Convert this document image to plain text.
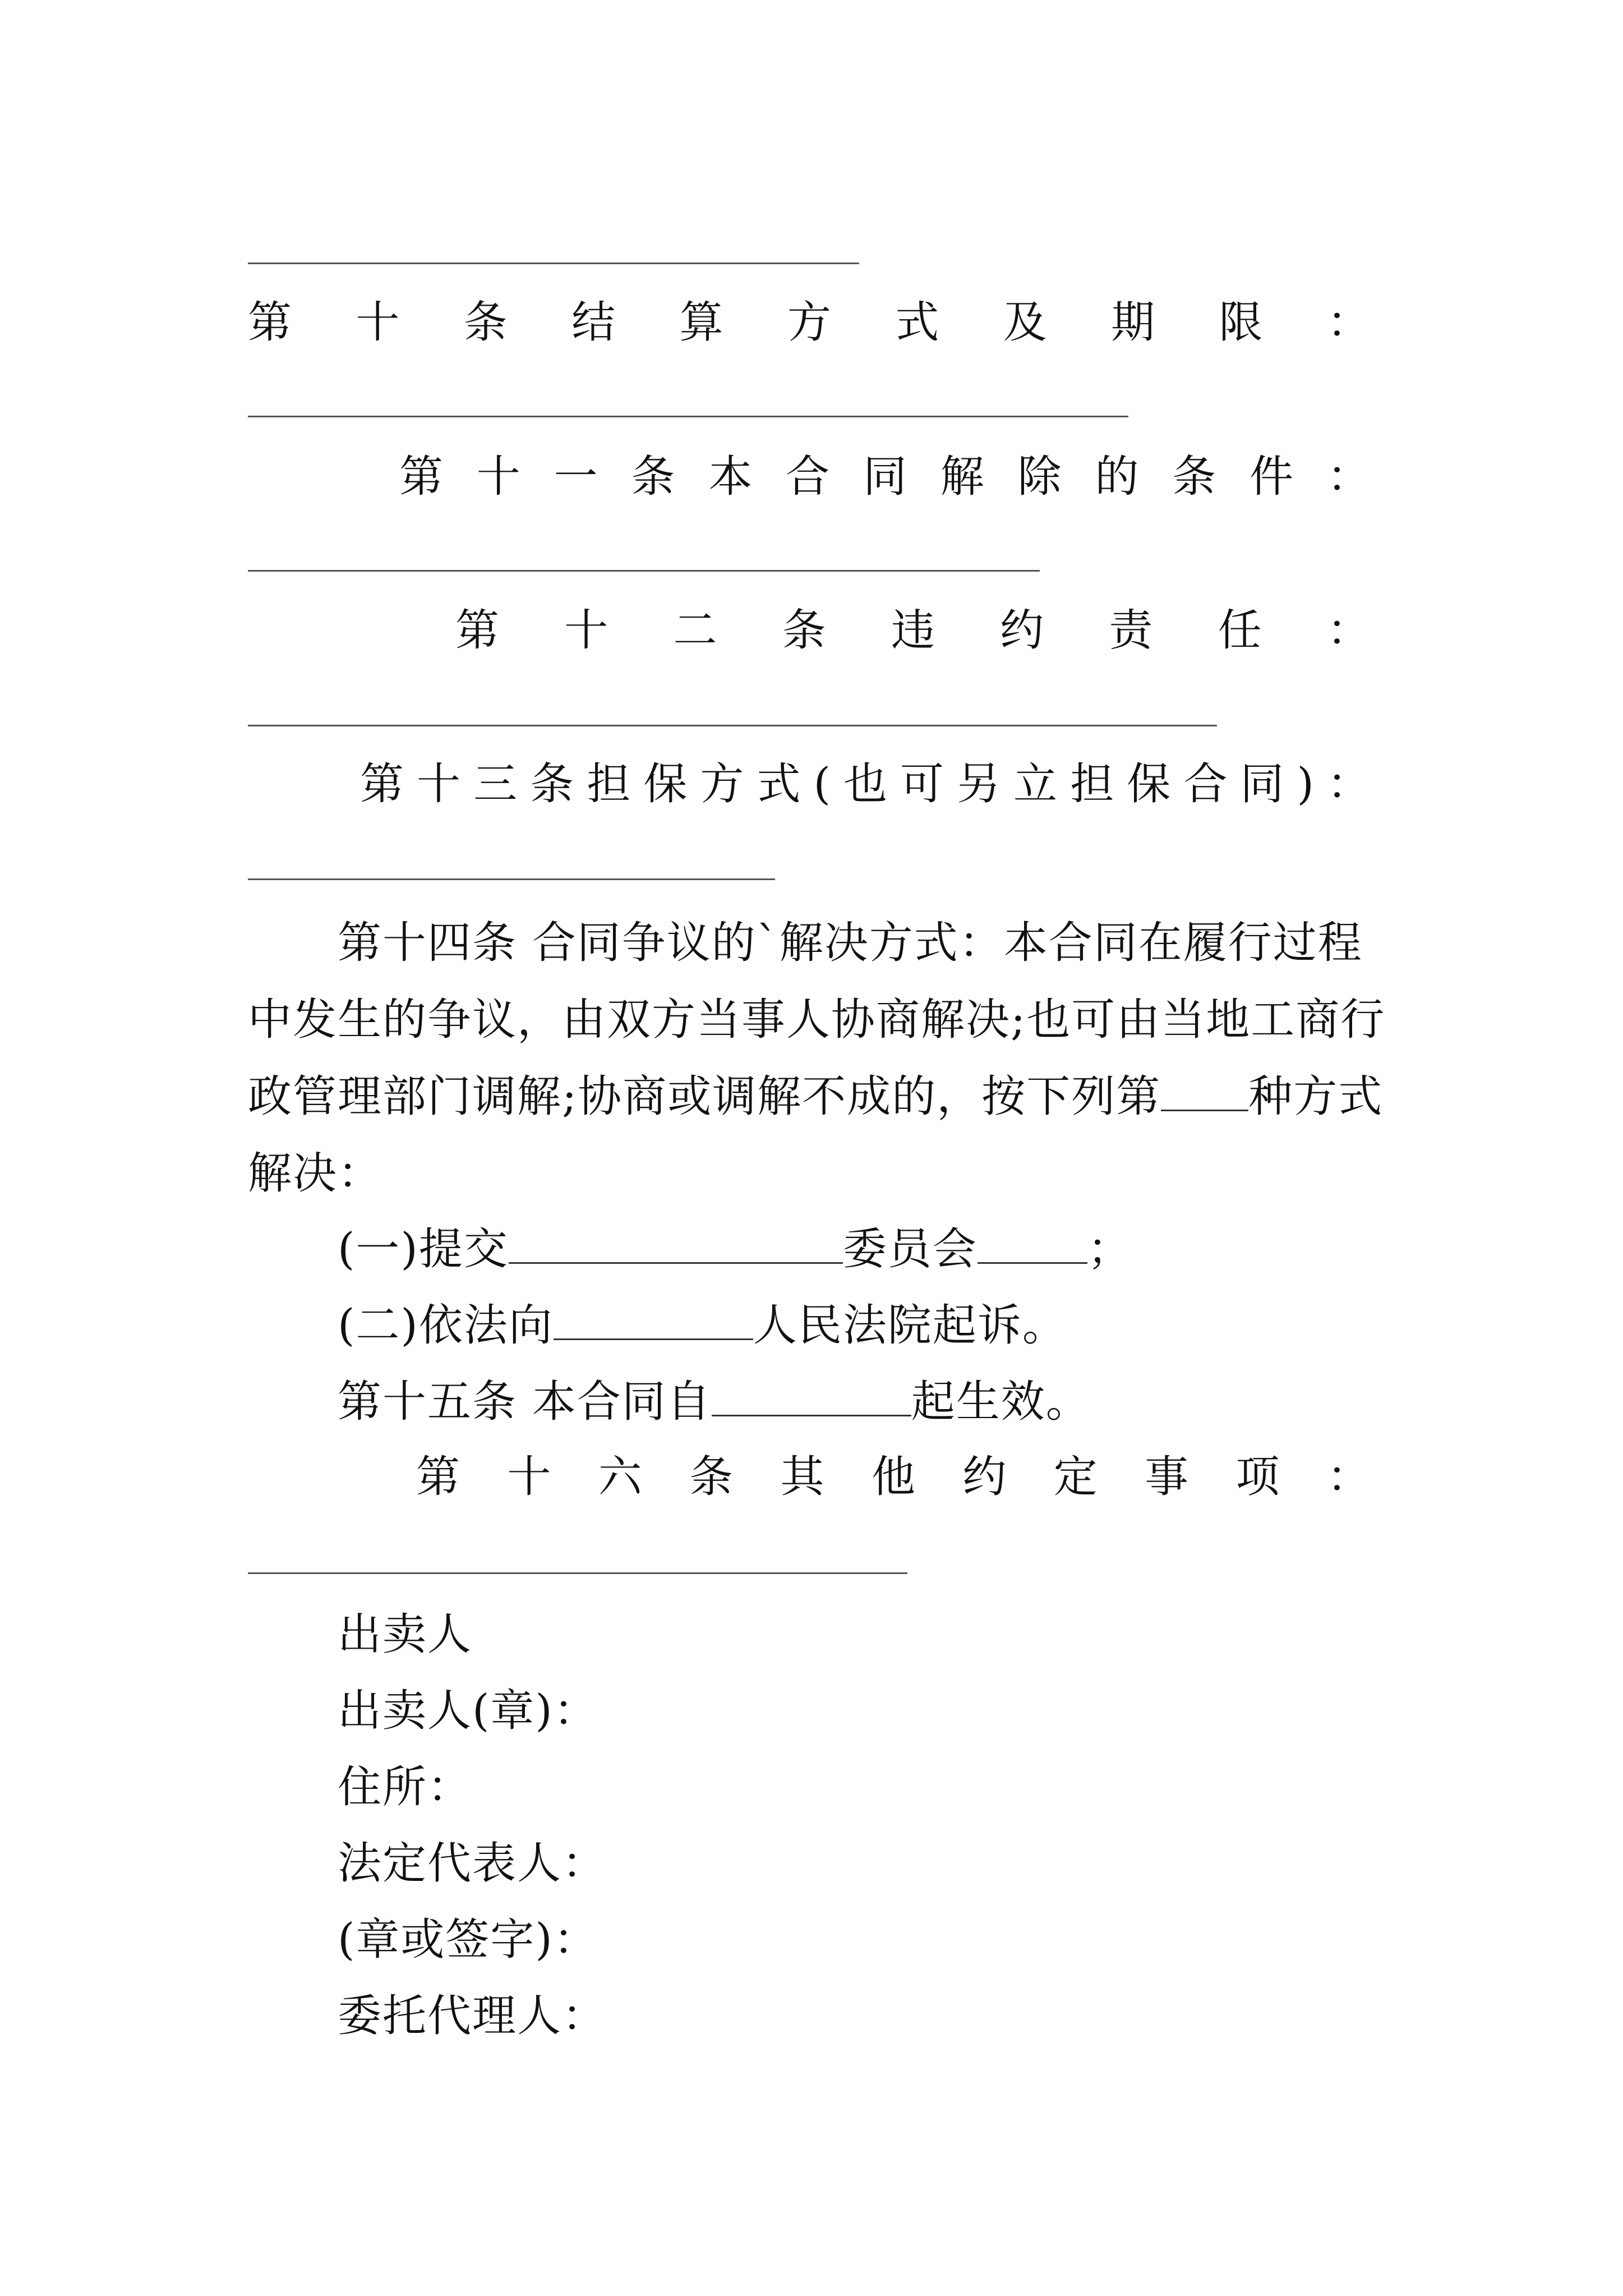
第 十 条 结 算 方 式 及 期 限 ：
第 十 一 条 本 合 同 解 除 的 条 件 ：
第 十 二 条 违 约 责 任 ：
第 十 三 条 担 保 方 式 ( 也 可 另 立 担 保 合 同 ) ：
第十四条 合同争议的`解决方式：本合同在履行过程中发生的争议，由双方当事人协商解决;也可由当地工商行政管理部门调解;协商或调解不成的，按下列第 种方式解决：
(一)提交	委员会	；
(二)依法向	人民法院起诉。
第十五条 本合同自	起生效。
第 十 六 条 其 他 约 定 事 项 ：
出卖人
出卖人(章)：
住所：
法定代表人：
(章或签字)：
委托代理人：
